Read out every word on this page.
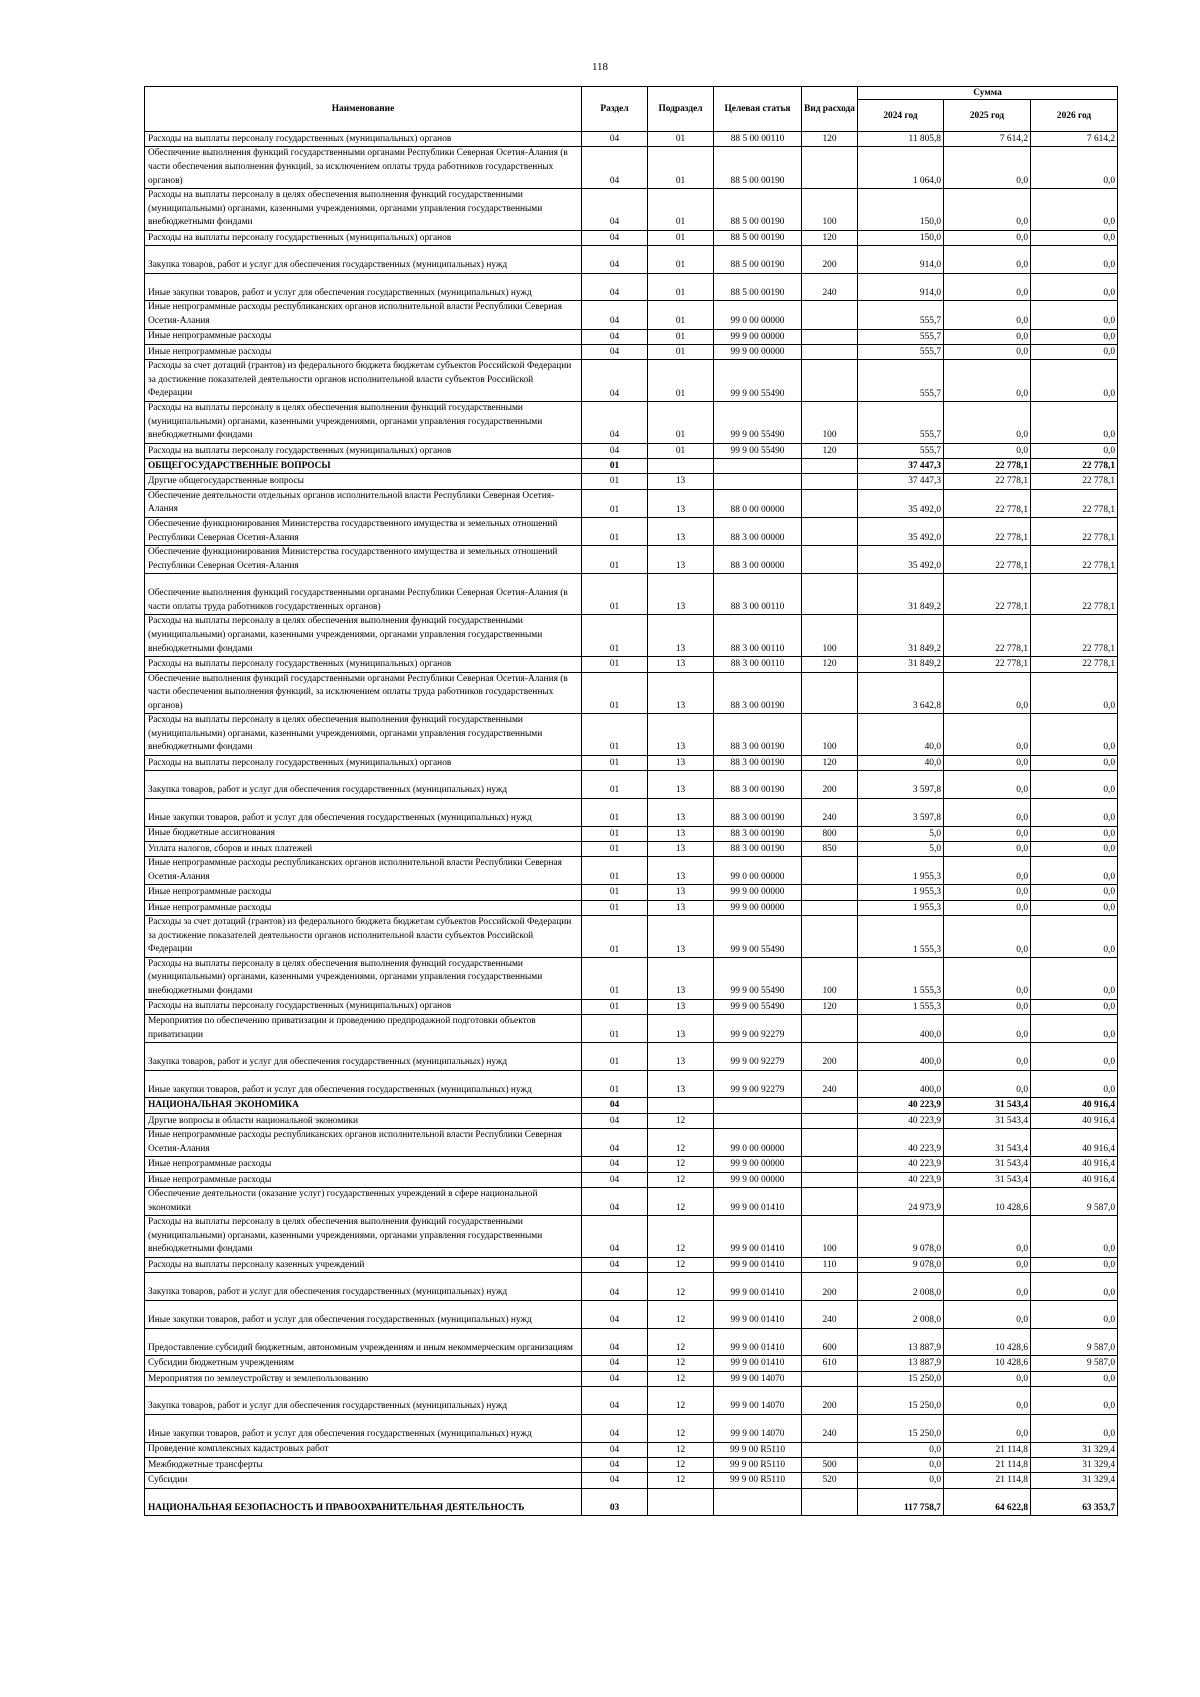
118
Наименование	Раздел	Подраздел	Целевая статья	Вид расхода	Сумма		
					2024 год	2025 год	2026 год
Расходы на выплаты персоналу государственных (муниципальных) органов	04	01	88 5 00 00110	120	11 805,8	7 614,2	7 614,2
Обеспечение выполнения функций государственными органами Республики Северная Осетия-Алания (в части обеспечения выполнения функций, за исключением оплаты труда работников государственных органов)	04	01	88 5 00 00190		1 064,0	0,0	0,0
Расходы на выплаты персоналу в целях обеспечения выполнения функций государственными (муниципальными) органами, казенными учреждениями, органами управления государственными внебюджетными фондами	04	01	88 5 00 00190	100	150,0	0,0	0,0
Расходы на выплаты персоналу государственных (муниципальных) органов	04	01	88 5 00 00190	120	150,0	0,0	0,0
Закупка товаров, работ и услуг для обеспечения государственных (муниципальных) нужд	04	01	88 5 00 00190	200	914,0	0,0	0,0
Иные закупки товаров, работ и услуг для обеспечения государственных (муниципальных) нужд	04	01	88 5 00 00190	240	914,0	0,0	0,0
Иные непрограммные расходы республиканских органов исполнительной власти Республики Северная Осетия-Алания	04	01	99 0 00 00000		555,7	0,0	0,0
Иные непрограммные расходы	04	01	99 9 00 00000		555,7	0,0	0,0
Иные непрограммные расходы	04	01	99 9 00 00000		555,7	0,0	0,0
Расходы за счет дотаций (грантов) из федерального бюджета бюджетам субъектов Российской Федерации за достижение показателей деятельности органов исполнительной власти субъектов Российской Федерации	04	01	99 9 00 55490		555,7	0,0	0,0
Расходы на выплаты персоналу в целях обеспечения выполнения функций государственными (муниципальными) органами, казенными учреждениями, органами управления государственными внебюджетными фондами	04	01	99 9 00 55490	100	555,7	0,0	0,0
Расходы на выплаты персоналу государственных (муниципальных) органов	04	01	99 9 00 55490	120	555,7	0,0	0,0
ОБЩЕГОСУДАРСТВЕННЫЕ ВОПРОСЫ	01				37 447,3	22 778,1	22 778,1
Другие общегосударственные вопросы	01	13			37 447,3	22 778,1	22 778,1
Обеспечение деятельности отдельных органов исполнительной власти Республики Северная Осетия-Алания	01	13	88 0 00 00000		35 492,0	22 778,1	22 778,1
Обеспечение функционирования Министерства государственного имущества и земельных отношений Республики Северная Осетия-Алания	01	13	88 3 00 00000		35 492,0	22 778,1	22 778,1
Обеспечение функционирования Министерства государственного имущества и земельных отношений Республики Северная Осетия-Алания	01	13	88 3 00 00000		35 492,0	22 778,1	22 778,1
Обеспечение выполнения функций государственными органами Республики Северная Осетия-Алания (в части оплаты труда работников государственных органов)	01	13	88 3 00 00110		31 849,2	22 778,1	22 778,1
Расходы на выплаты персоналу в целях обеспечения выполнения функций государственными (муниципальными) органами, казенными учреждениями, органами управления государственными внебюджетными фондами	01	13	88 3 00 00110	100	31 849,2	22 778,1	22 778,1
Расходы на выплаты персоналу государственных (муниципальных) органов	01	13	88 3 00 00110	120	31 849,2	22 778,1	22 778,1
Обеспечение выполнения функций государственными органами Республики Северная Осетия-Алания (в части обеспечения выполнения функций, за исключением оплаты труда работников государственных органов)	01	13	88 3 00 00190		3 642,8	0,0	0,0
Расходы на выплаты персоналу в целях обеспечения выполнения функций государственными (муниципальными) органами, казенными учреждениями, органами управления государственными внебюджетными фондами	01	13	88 3 00 00190	100	40,0	0,0	0,0
Расходы на выплаты персоналу государственных (муниципальных) органов	01	13	88 3 00 00190	120	40,0	0,0	0,0
Закупка товаров, работ и услуг для обеспечения государственных (муниципальных) нужд	01	13	88 3 00 00190	200	3 597,8	0,0	0,0
Иные закупки товаров, работ и услуг для обеспечения государственных (муниципальных) нужд	01	13	88 3 00 00190	240	3 597,8	0,0	0,0
Иные бюджетные ассигнования	01	13	88 3 00 00190	800	5,0	0,0	0,0
Уплата налогов, сборов и иных платежей	01	13	88 3 00 00190	850	5,0	0,0	0,0
Иные непрограммные расходы республиканских органов исполнительной власти Республики Северная Осетия-Алания	01	13	99 0 00 00000		1 955,3	0,0	0,0
Иные непрограммные расходы	01	13	99 9 00 00000		1 955,3	0,0	0,0
Иные непрограммные расходы	01	13	99 9 00 00000		1 955,3	0,0	0,0
Расходы за счет дотаций (грантов) из федерального бюджета бюджетам субъектов Российской Федерации за достижение показателей деятельности органов исполнительной власти субъектов Российской Федерации	01	13	99 9 00 55490		1 555,3	0,0	0,0
Расходы на выплаты персоналу в целях обеспечения выполнения функций государственными (муниципальными) органами, казенными учреждениями, органами управления государственными внебюджетными фондами	01	13	99 9 00 55490	100	1 555,3	0,0	0,0
Расходы на выплаты персоналу государственных (муниципальных) органов	01	13	99 9 00 55490	120	1 555,3	0,0	0,0
Мероприятия по обеспечению приватизации и проведению предпродажной подготовки объектов приватизации	01	13	99 9 00 92279		400,0	0,0	0,0
Закупка товаров, работ и услуг для обеспечения государственных (муниципальных) нужд	01	13	99 9 00 92279	200	400,0	0,0	0,0
Иные закупки товаров, работ и услуг для обеспечения государственных (муниципальных) нужд	01	13	99 9 00 92279	240	400,0	0,0	0,0
НАЦИОНАЛЬНАЯ ЭКОНОМИКА	04				40 223,9	31 543,4	40 916,4
Другие вопросы в области национальной экономики	04	12			40 223,9	31 543,4	40 916,4
Иные непрограммные расходы республиканских органов исполнительной власти Республики Северная Осетия-Алания	04	12	99 0 00 00000		40 223,9	31 543,4	40 916,4
Иные непрограммные расходы	04	12	99 9 00 00000		40 223,9	31 543,4	40 916,4
Иные непрограммные расходы	04	12	99 9 00 00000		40 223,9	31 543,4	40 916,4
Обеспечение деятельности (оказание услуг) государственных учреждений в сфере национальной экономики	04	12	99 9 00 01410		24 973,9	10 428,6	9 587,0
Расходы на выплаты персоналу в целях обеспечения выполнения функций государственными (муниципальными) органами, казенными учреждениями, органами управления государственными внебюджетными фондами	04	12	99 9 00 01410	100	9 078,0	0,0	0,0
Расходы на выплаты персоналу казенных учреждений	04	12	99 9 00 01410	110	9 078,0	0,0	0,0
Закупка товаров, работ и услуг для обеспечения государственных (муниципальных) нужд	04	12	99 9 00 01410	200	2 008,0	0,0	0,0
Иные закупки товаров, работ и услуг для обеспечения государственных (муниципальных) нужд	04	12	99 9 00 01410	240	2 008,0	0,0	0,0
Предоставление субсидий бюджетным, автономным учреждениям и иным некоммерческим организациям	04	12	99 9 00 01410	600	13 887,9	10 428,6	9 587,0
Субсидии бюджетным учреждениям	04	12	99 9 00 01410	610	13 887,9	10 428,6	9 587,0
Мероприятия по землеустройству и землепользованию	04	12	99 9 00 14070		15 250,0	0,0	0,0
Закупка товаров, работ и услуг для обеспечения государственных (муниципальных) нужд	04	12	99 9 00 14070	200	15 250,0	0,0	0,0
Иные закупки товаров, работ и услуг для обеспечения государственных (муниципальных) нужд	04	12	99 9 00 14070	240	15 250,0	0,0	0,0
Проведение комплексных кадастровых работ	04	12	99 9 00 R5110		0,0	21 114,8	31 329,4
Межбюджетные трансферты	04	12	99 9 00 R5110	500	0,0	21 114,8	31 329,4
Субсидии	04	12	99 9 00 R5110	520	0,0	21 114,8	31 329,4
НАЦИОНАЛЬНАЯ БЕЗОПАСНОСТЬ И ПРАВООХРАНИТЕЛЬНАЯ ДЕЯТЕЛЬНОСТЬ	03				117 758,7	64 622,8	63 353,7
